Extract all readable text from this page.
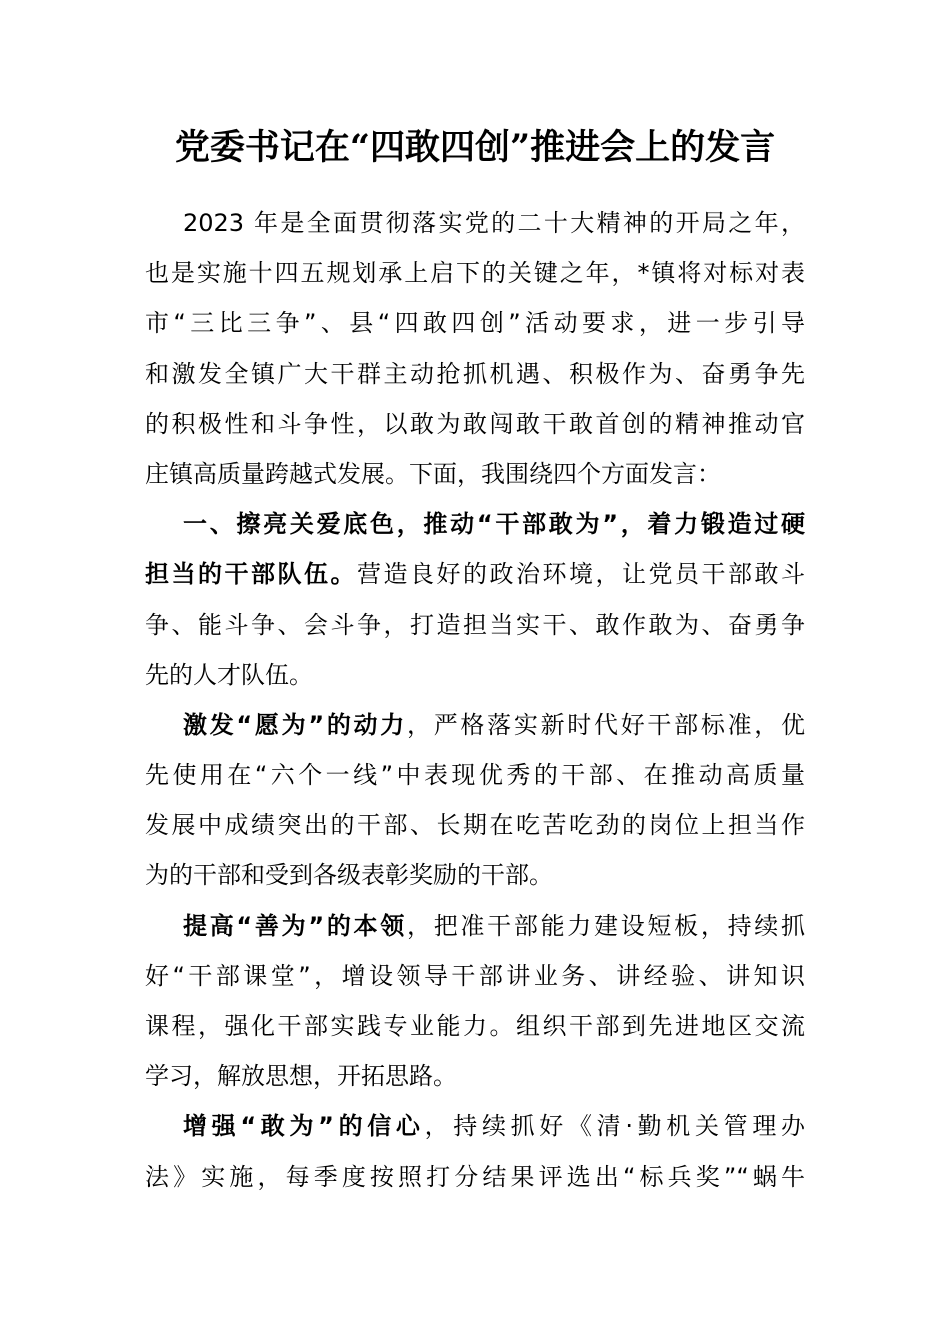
党委书记在“四敢四创”推进会上的发言
2023 年是全面贯彻落实党的二十大精神的开局之年，
也是实施十四五规划承上启下的关键之年，*镇将对标对表
市“三比三争”、县“四敢四创”活动要求，进一步引导
和激发全镇广大干群主动抢抓机遇、积极作为、奋勇争先
的积极性和斗争性，以敢为敢闯敢干敢首创的精神推动官
庄镇高质量跨越式发展。下面，我围绕四个方面发言：
一、擦亮关爱底色，推动“干部敢为”，着力锻造过硬
担当的干部队伍。营造良好的政治环境，让党员干部敢斗
争、能斗争、会斗争，打造担当实干、敢作敢为、奋勇争
先的人才队伍。
激发“愿为”的动力，严格落实新时代好干部标准，优
先使用在“六个一线”中表现优秀的干部、在推动高质量
发展中成绩突出的干部、长期在吃苦吃劲的岗位上担当作
为的干部和受到各级表彰奖励的干部。
提高“善为”的本领，把准干部能力建设短板，持续抓
好“干部课堂”，增设领导干部讲业务、讲经验、讲知识
课程，强化干部实践专业能力。组织干部到先进地区交流
学习，解放思想，开拓思路。
增强“敢为”的信心，持续抓好《清·勤机关管理办
法》实施，每季度按照打分结果评选出“标兵奖”“蜗牛
